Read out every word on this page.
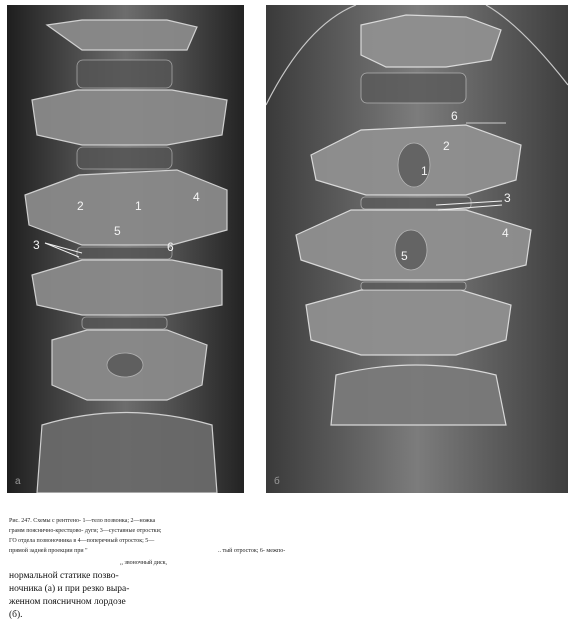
2	1
4
5
3	6
а
6
2
1
3
4
5
б
Рис. 247. Схемы с рентгено- 1—тело позвонка; 2—ножка
грамм пояснично-крестцово- дуги; 3—суставные отростки;
ГО отдела позвоночника в 4—поперечный отросток; 5—
прямой задней проекции при "	.. тый отросток; 6- межпо-
,, звоночный диск,
нормальной статике позво-
ночника (а) и при резко выра-
женном поясничном лордозе
(б).
